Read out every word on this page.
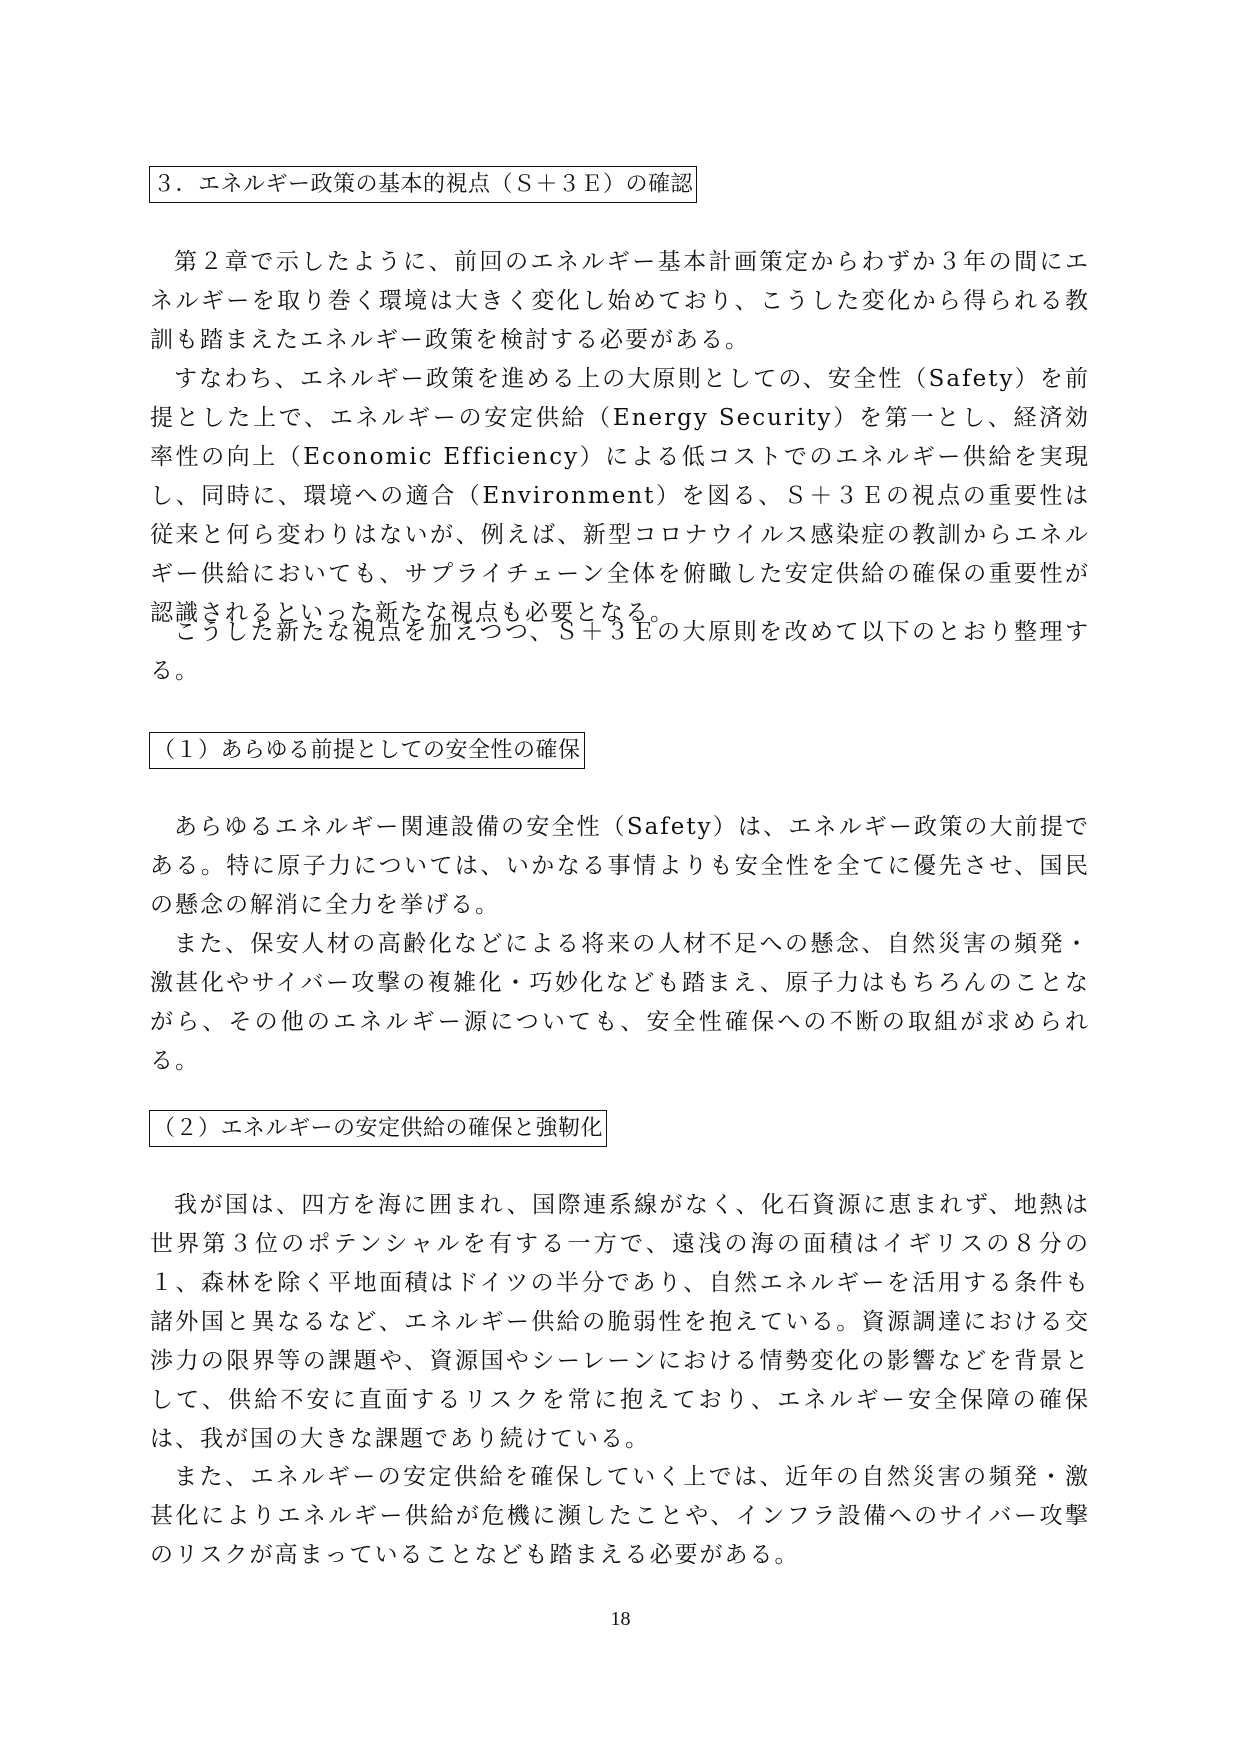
３．エネルギー政策の基本的視点（Ｓ＋３Ｅ）の確認

第２章で示したように、前回のエネルギー基本計画策定からわずか３年の間にエネルギーを取り巻く環境は大きく変化し始めており、こうした変化から得られる教訓も踏まえたエネルギー政策を検討する必要がある。

すなわち、エネルギー政策を進める上の大原則としての、安全性（Safety）を前提とした上で、エネルギーの安定供給（Energy Security）を第一とし、経済効率性の向上（Economic Efficiency）による低コストでのエネルギー供給を実現し、同時に、環境への適合（Environment）を図る、Ｓ＋３Ｅの視点の重要性は従来と何ら変わりはないが、例えば、新型コロナウイルス感染症の教訓からエネルギー供給においても、サプライチェーン全体を俯瞰した安定供給の確保の重要性が認識されるといった新たな視点も必要となる。

こうした新たな視点を加えつつ、Ｓ＋３Ｅの大原則を改めて以下のとおり整理する。

（１）あらゆる前提としての安全性の確保

あらゆるエネルギー関連設備の安全性（Safety）は、エネルギー政策の大前提である。特に原子力については、いかなる事情よりも安全性を全てに優先させ、国民の懸念の解消に全力を挙げる。

また、保安人材の高齢化などによる将来の人材不足への懸念、自然災害の頻発・激甚化やサイバー攻撃の複雑化・巧妙化なども踏まえ、原子力はもちろんのことながら、その他のエネルギー源についても、安全性確保への不断の取組が求められる。

（２）エネルギーの安定供給の確保と強靭化

我が国は、四方を海に囲まれ、国際連系線がなく、化石資源に恵まれず、地熱は世界第３位のポテンシャルを有する一方で、遠浅の海の面積はイギリスの８分の１、森林を除く平地面積はドイツの半分であり、自然エネルギーを活用する条件も諸外国と異なるなど、エネルギー供給の脆弱性を抱えている。資源調達における交渉力の限界等の課題や、資源国やシーレーンにおける情勢変化の影響などを背景として、供給不安に直面するリスクを常に抱えており、エネルギー安全保障の確保は、我が国の大きな課題であり続けている。

また、エネルギーの安定供給を確保していく上では、近年の自然災害の頻発・激甚化によりエネルギー供給が危機に瀕したことや、インフラ設備へのサイバー攻撃のリスクが高まっていることなども踏まえる必要がある。

18
